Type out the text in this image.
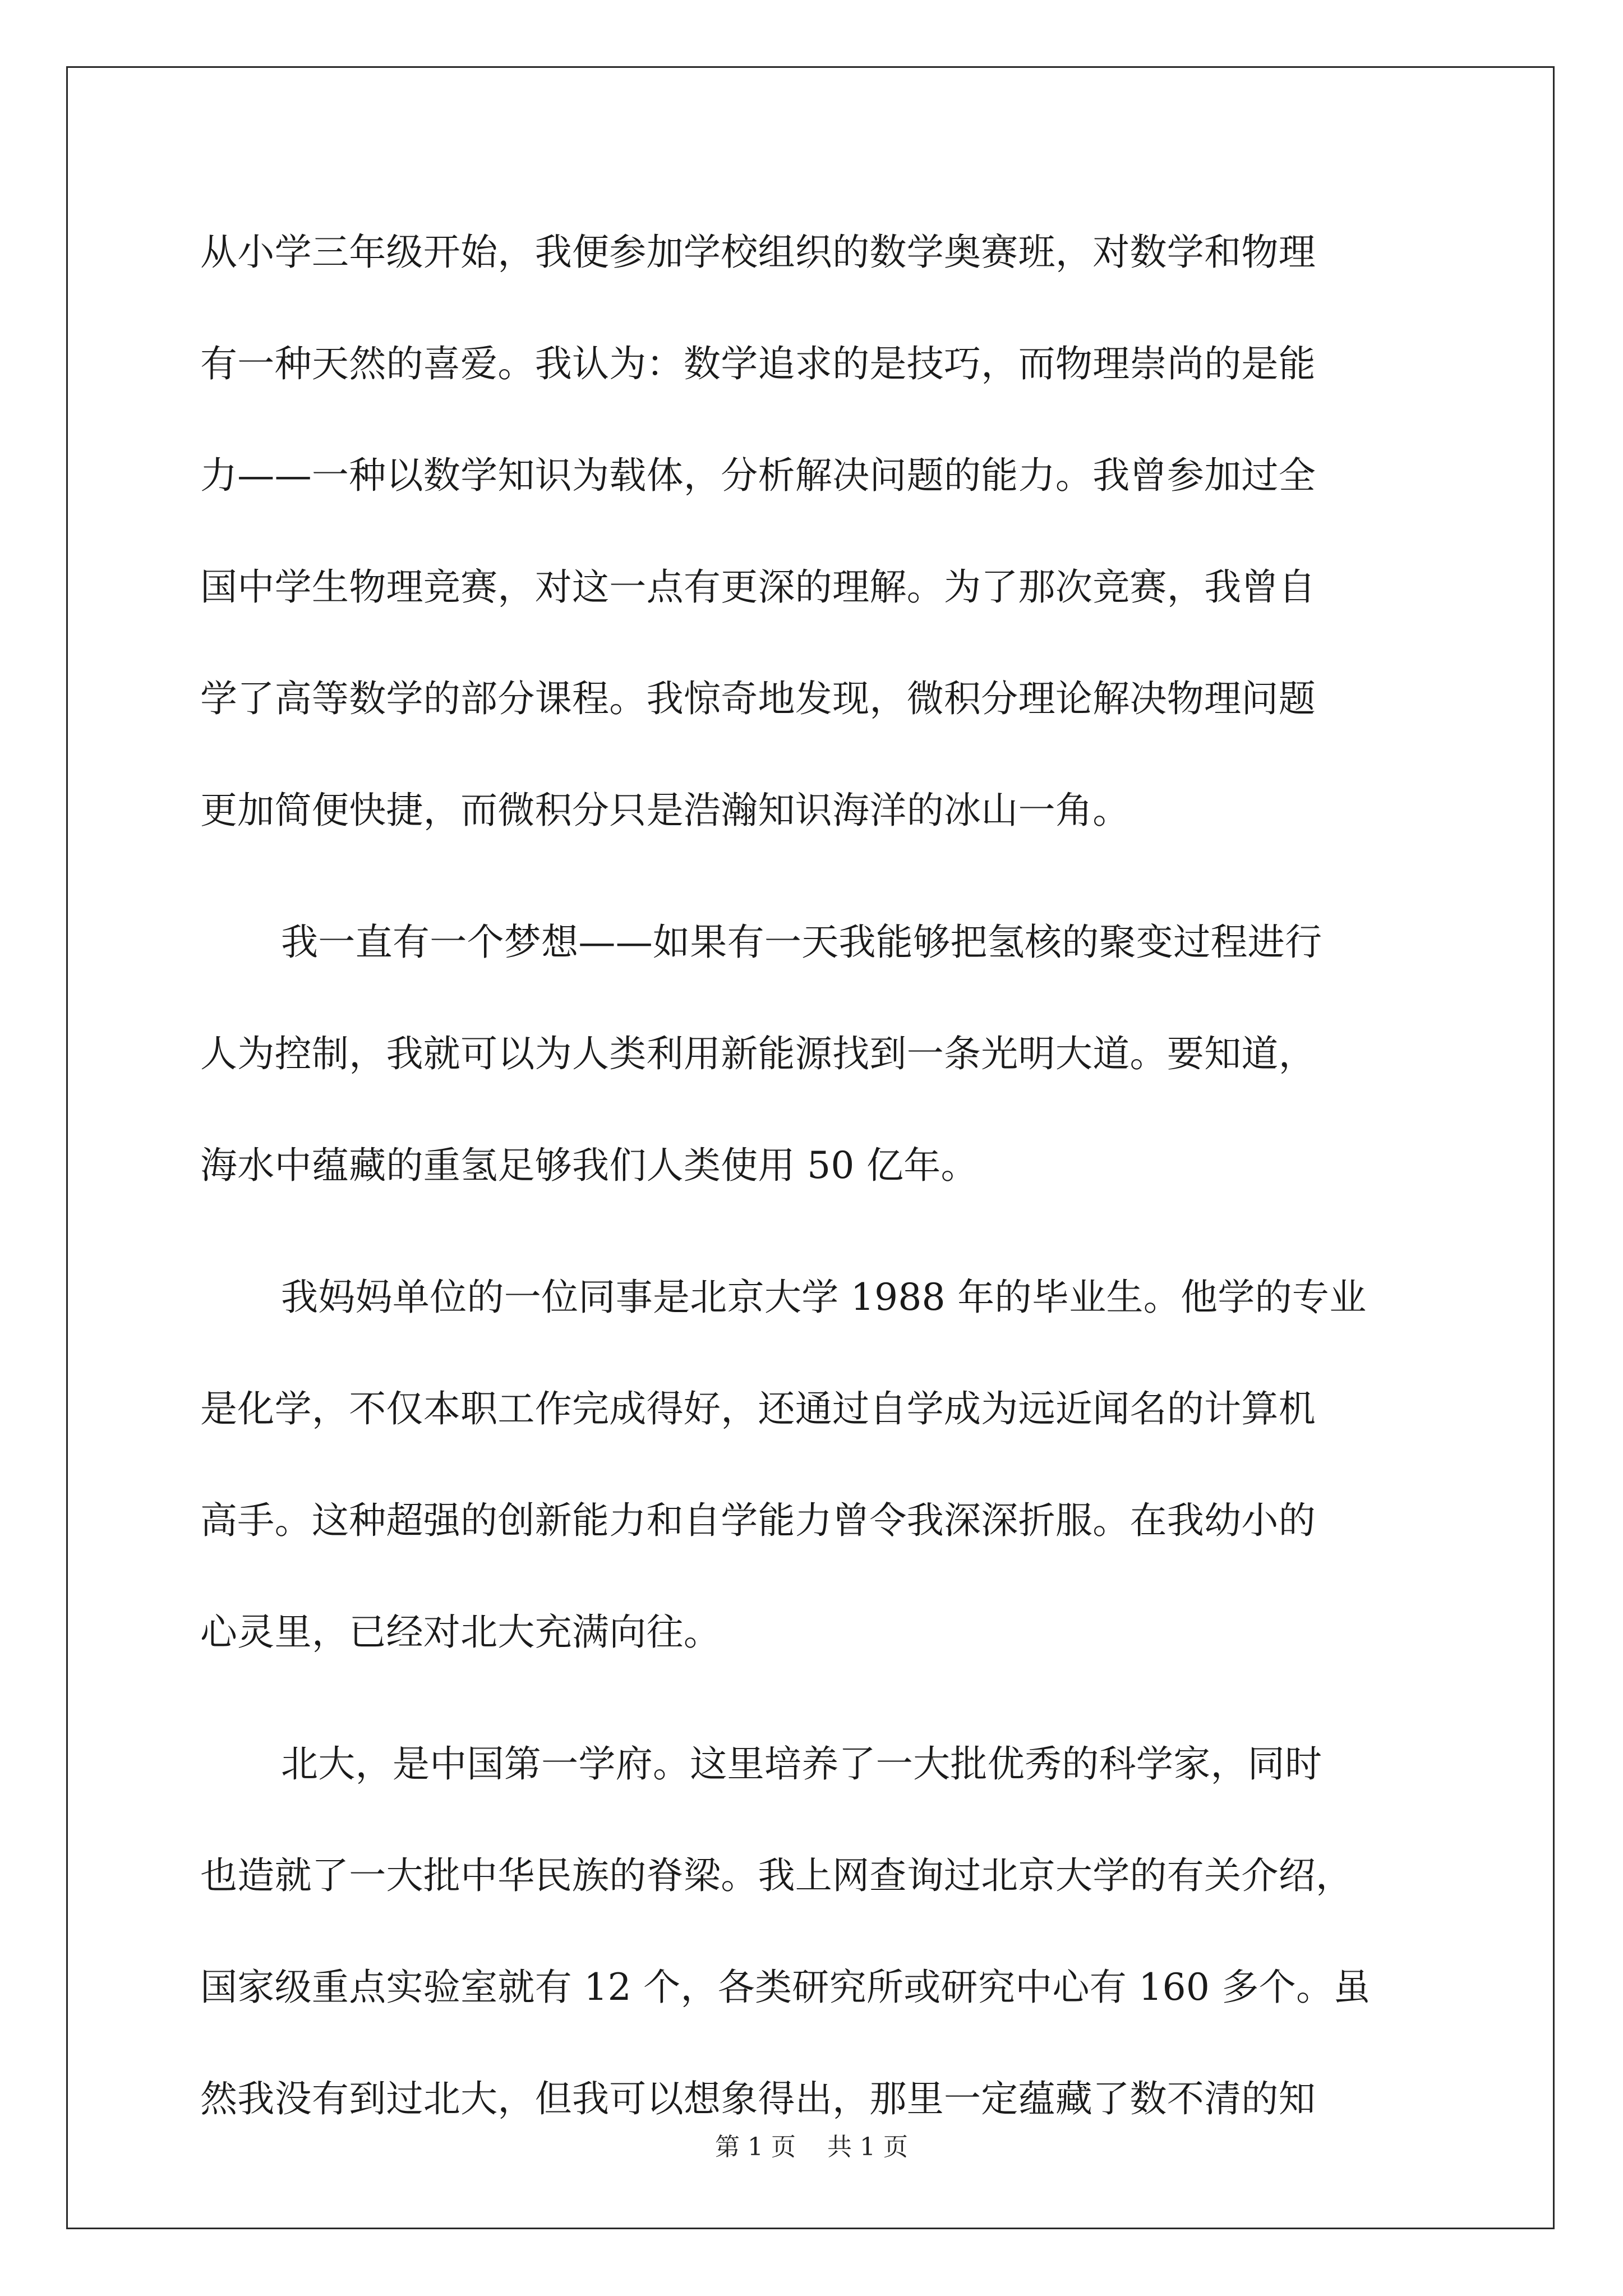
从小学三年级开始，我便参加学校组织的数学奥赛班，对数学和物理
有一种天然的喜爱。我认为：数学追求的是技巧，而物理崇尚的是能
力——一种以数学知识为载体，分析解决问题的能力。我曾参加过全
国中学生物理竞赛，对这一点有更深的理解。为了那次竞赛，我曾自
学了高等数学的部分课程。我惊奇地发现，微积分理论解决物理问题
更加简便快捷，而微积分只是浩瀚知识海洋的冰山一角。
我一直有一个梦想——如果有一天我能够把氢核的聚变过程进行
人为控制，我就可以为人类利用新能源找到一条光明大道。要知道，
海水中蕴藏的重氢足够我们人类使用 50 亿年。
我妈妈单位的一位同事是北京大学 1988 年的毕业生。他学的专业
是化学，不仅本职工作完成得好，还通过自学成为远近闻名的计算机
高手。这种超强的创新能力和自学能力曾令我深深折服。在我幼小的
心灵里，已经对北大充满向往。
北大，是中国第一学府。这里培养了一大批优秀的科学家，同时
也造就了一大批中华民族的脊梁。我上网查询过北京大学的有关介绍，
国家级重点实验室就有 12 个，各类研究所或研究中心有 160 多个。虽
然我没有到过北大，但我可以想象得出，那里一定蕴藏了数不清的知
第 1 页 共 1 页
